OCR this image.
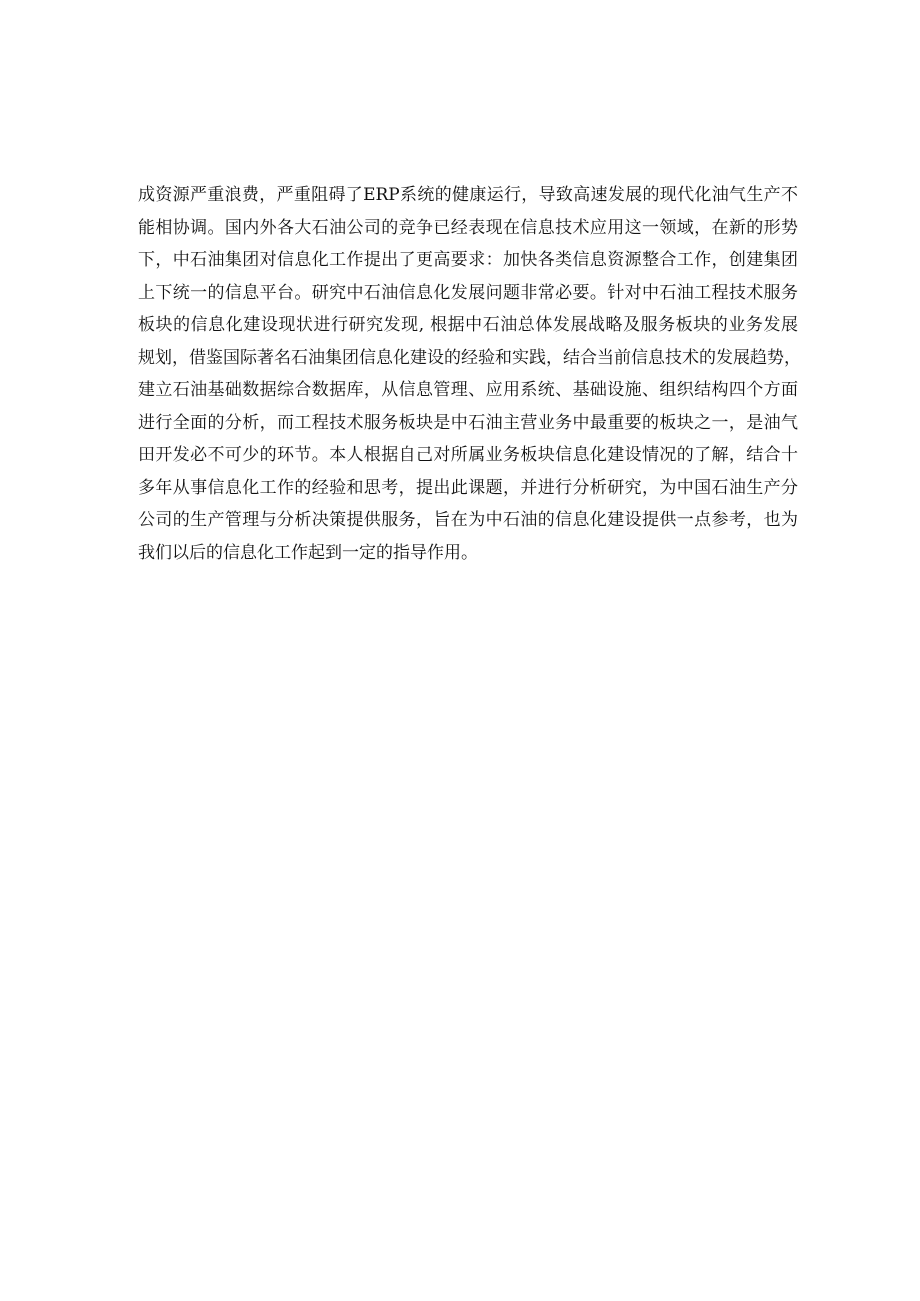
成资源严重浪费，严重阻碍了ERP系统的健康运行，导致高速发展的现代化油气生产不
能相协调。国内外各大石油公司的竞争已经表现在信息技术应用这一领域，在新的形势
下，中石油集团对信息化工作提出了更高要求：加快各类信息资源整合工作，创建集团
上下统一的信息平台。研究中石油信息化发展问题非常必要。针对中石油工程技术服务
板块的信息化建设现状进行研究发现, 根据中石油总体发展战略及服务板块的业务发展
规划，借鉴国际著名石油集团信息化建设的经验和实践，结合当前信息技术的发展趋势，
建立石油基础数据综合数据库，从信息管理、应用系统、基础设施、组织结构四个方面
进行全面的分析，而工程技术服务板块是中石油主营业务中最重要的板块之一，是油气
田开发必不可少的环节。本人根据自己对所属业务板块信息化建设情况的了解，结合十
多年从事信息化工作的经验和思考，提出此课题，并进行分析研究，为中国石油生产分
公司的生产管理与分析决策提供服务，旨在为中石油的信息化建设提供一点参考，也为
我们以后的信息化工作起到一定的指导作用。
